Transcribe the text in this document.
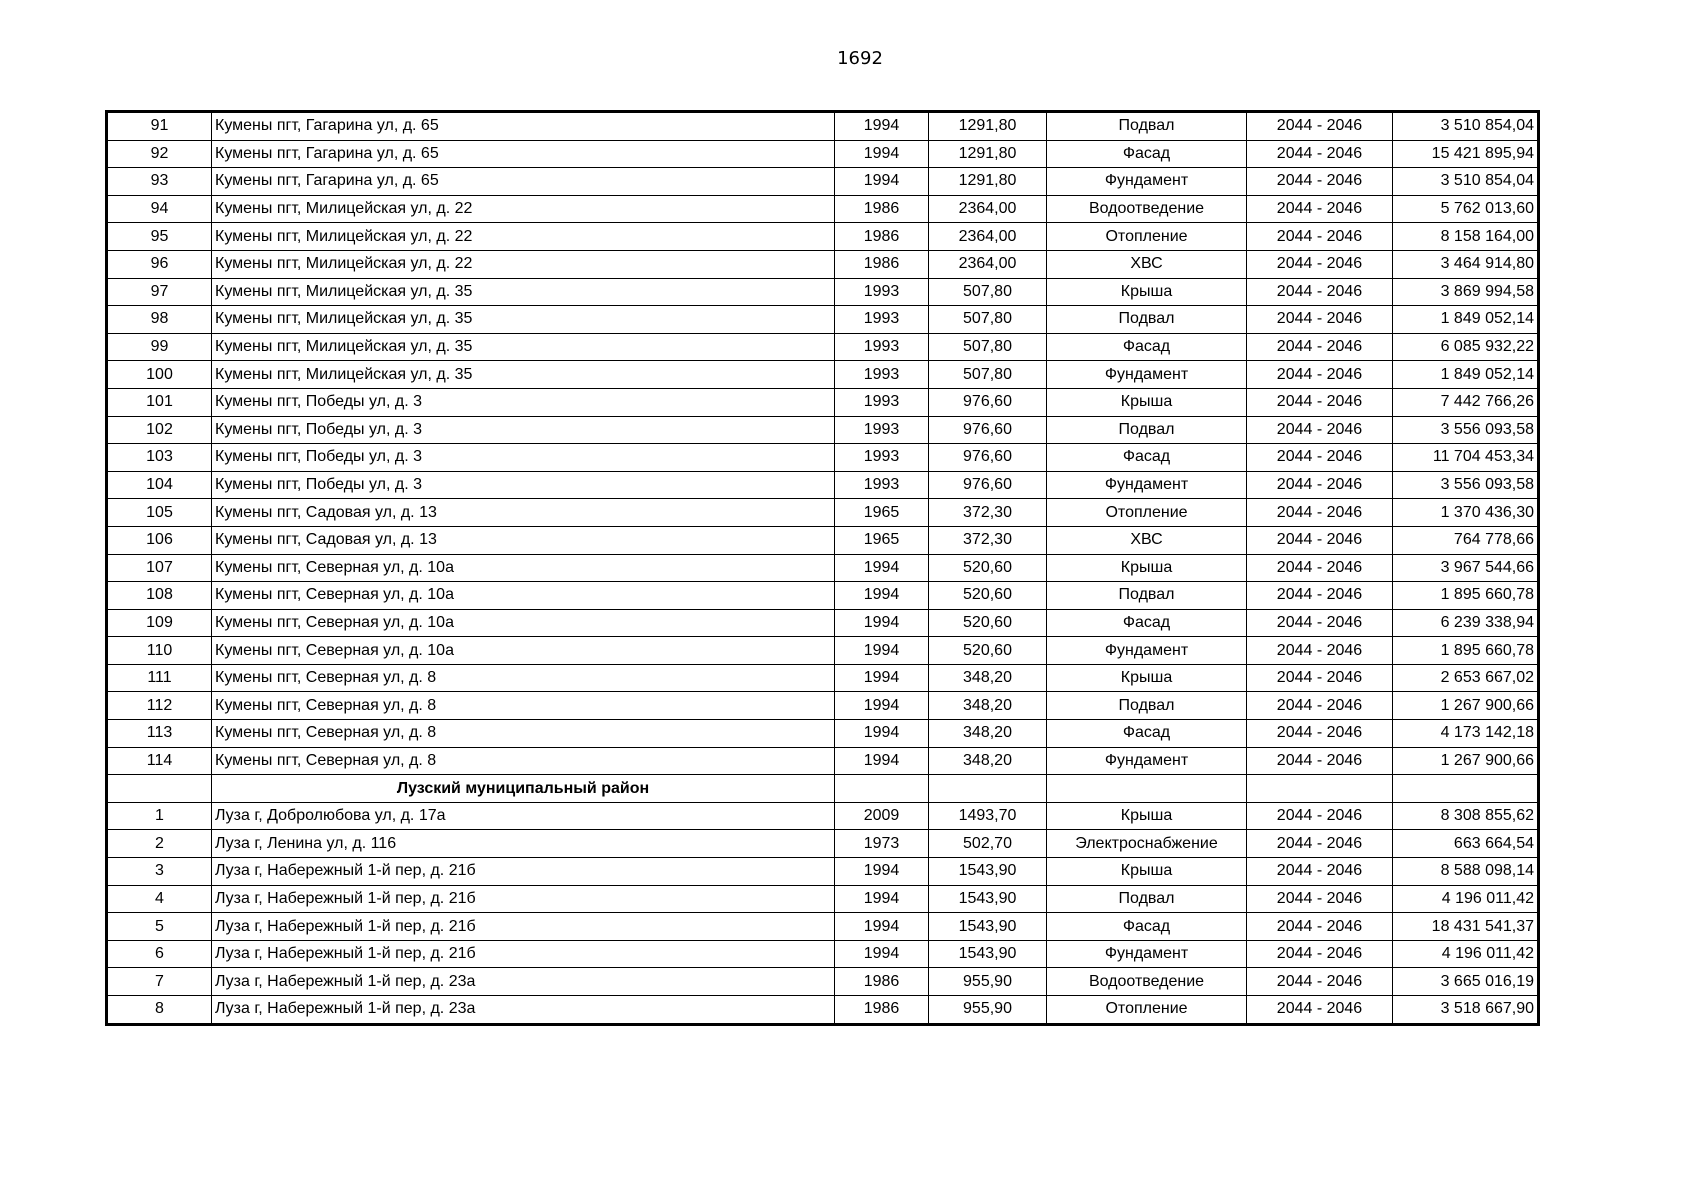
1692
91	Кумены пгт, Гагарина ул, д. 65	1994	1291,80	Подвал	2044 - 2046	3 510 854,04
92	Кумены пгт, Гагарина ул, д. 65	1994	1291,80	Фасад	2044 - 2046	15 421 895,94
93	Кумены пгт, Гагарина ул, д. 65	1994	1291,80	Фундамент	2044 - 2046	3 510 854,04
94	Кумены пгт, Милицейская ул, д. 22	1986	2364,00	Водоотведение	2044 - 2046	5 762 013,60
95	Кумены пгт, Милицейская ул, д. 22	1986	2364,00	Отопление	2044 - 2046	8 158 164,00
96	Кумены пгт, Милицейская ул, д. 22	1986	2364,00	ХВС	2044 - 2046	3 464 914,80
97	Кумены пгт, Милицейская ул, д. 35	1993	507,80	Крыша	2044 - 2046	3 869 994,58
98	Кумены пгт, Милицейская ул, д. 35	1993	507,80	Подвал	2044 - 2046	1 849 052,14
99	Кумены пгт, Милицейская ул, д. 35	1993	507,80	Фасад	2044 - 2046	6 085 932,22
100	Кумены пгт, Милицейская ул, д. 35	1993	507,80	Фундамент	2044 - 2046	1 849 052,14
101	Кумены пгт, Победы ул, д. 3	1993	976,60	Крыша	2044 - 2046	7 442 766,26
102	Кумены пгт, Победы ул, д. 3	1993	976,60	Подвал	2044 - 2046	3 556 093,58
103	Кумены пгт, Победы ул, д. 3	1993	976,60	Фасад	2044 - 2046	11 704 453,34
104	Кумены пгт, Победы ул, д. 3	1993	976,60	Фундамент	2044 - 2046	3 556 093,58
105	Кумены пгт, Садовая ул, д. 13	1965	372,30	Отопление	2044 - 2046	1 370 436,30
106	Кумены пгт, Садовая ул, д. 13	1965	372,30	ХВС	2044 - 2046	764 778,66
107	Кумены пгт, Северная ул, д. 10а	1994	520,60	Крыша	2044 - 2046	3 967 544,66
108	Кумены пгт, Северная ул, д. 10а	1994	520,60	Подвал	2044 - 2046	1 895 660,78
109	Кумены пгт, Северная ул, д. 10а	1994	520,60	Фасад	2044 - 2046	6 239 338,94
110	Кумены пгт, Северная ул, д. 10а	1994	520,60	Фундамент	2044 - 2046	1 895 660,78
111	Кумены пгт, Северная ул, д. 8	1994	348,20	Крыша	2044 - 2046	2 653 667,02
112	Кумены пгт, Северная ул, д. 8	1994	348,20	Подвал	2044 - 2046	1 267 900,66
113	Кумены пгт, Северная ул, д. 8	1994	348,20	Фасад	2044 - 2046	4 173 142,18
114	Кумены пгт, Северная ул, д. 8	1994	348,20	Фундамент	2044 - 2046	1 267 900,66
	Лузский муниципальный район					
1	Луза г, Добролюбова ул, д. 17а	2009	1493,70	Крыша	2044 - 2046	8 308 855,62
2	Луза г, Ленина ул, д. 116	1973	502,70	Электроснабжение	2044 - 2046	663 664,54
3	Луза г, Набережный 1-й пер, д. 21б	1994	1543,90	Крыша	2044 - 2046	8 588 098,14
4	Луза г, Набережный 1-й пер, д. 21б	1994	1543,90	Подвал	2044 - 2046	4 196 011,42
5	Луза г, Набережный 1-й пер, д. 21б	1994	1543,90	Фасад	2044 - 2046	18 431 541,37
6	Луза г, Набережный 1-й пер, д. 21б	1994	1543,90	Фундамент	2044 - 2046	4 196 011,42
7	Луза г, Набережный 1-й пер, д. 23а	1986	955,90	Водоотведение	2044 - 2046	3 665 016,19
8	Луза г, Набережный 1-й пер, д. 23а	1986	955,90	Отопление	2044 - 2046	3 518 667,90
